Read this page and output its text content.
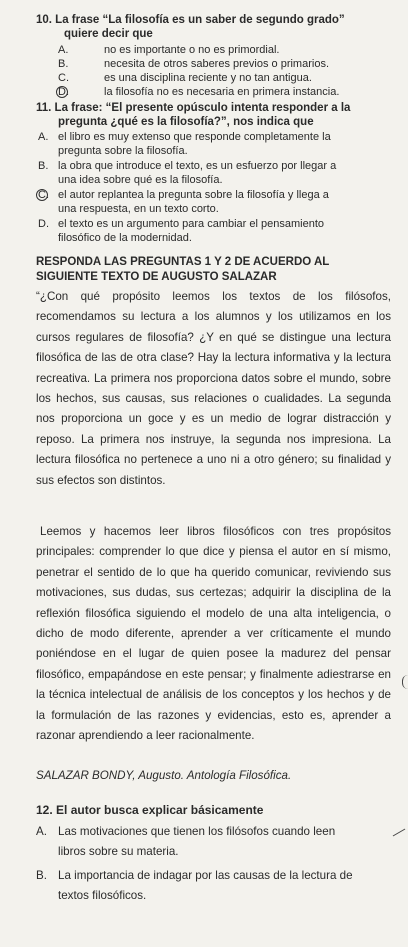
10. La frase “La filosofía es un saber de segundo grado”
quiere decir que
A.	no es importante o no es primordial.
B.	necesita de otros saberes previos o primarios.
C.	es una disciplina reciente y no tan antigua.
D.	la filosofía no es necesaria en primera instancia.
11. La frase: “El presente opúsculo intenta responder a la
pregunta ¿qué es la filosofía?”, nos indica que
A. el libro es muy extenso que responde completamente la
pregunta sobre la filosofía.
B. la obra que introduce el texto, es un esfuerzo por llegar a
una idea sobre qué es la filosofía.
C. el autor replantea la pregunta sobre la filosofía y llega a
una respuesta, en un texto corto.
D. el texto es un argumento para cambiar el pensamiento
filosófico de la modernidad.
RESPONDA LAS PREGUNTAS 1 Y 2 DE ACUERDO AL
SIGUIENTE TEXTO DE AUGUSTO SALAZAR
“¿Con qué propósito leemos los textos de los filósofos, recomendamos su lectura a los alumnos y los utilizamos en los cursos regulares de filosofía? ¿Y en qué se distingue una lectura filosófica de las de otra clase? Hay la lectura informativa y la lectura recreativa. La primera nos proporciona datos sobre el mundo, sobre los hechos, sus causas, sus relaciones o cualidades. La segunda nos proporciona un goce y es un medio de lograr distracción y reposo. La primera nos instruye, la segunda nos impresiona. La lectura filosófica no pertenece a uno ni a otro género; su finalidad y sus efectos son distintos.
Leemos y hacemos leer libros filosóficos con tres propósitos principales: comprender lo que dice y piensa el autor en sí mismo, penetrar el sentido de lo que ha querido comunicar, reviviendo sus motivaciones, sus dudas, sus certezas; adquirir la disciplina de la reflexión filosófica siguiendo el modelo de una alta inteligencia, o dicho de modo diferente, aprender a ver críticamente el mundo poniéndose en el lugar de quien posee la madurez del pensar filosófico, empapándose en este pensar; y finalmente adiestrarse en la técnica intelectual de análisis de los conceptos y los hechos y de la formulación de las razones y evidencias, esto es, aprender a razonar aprendiendo a leer racionalmente.
SALAZAR BONDY, Augusto. Antología Filosófica.
12. El autor busca explicar básicamente
A. Las motivaciones que tienen los filósofos cuando leen
libros sobre su materia.
B. La importancia de indagar por las causas de la lectura de
textos filosóficos.
